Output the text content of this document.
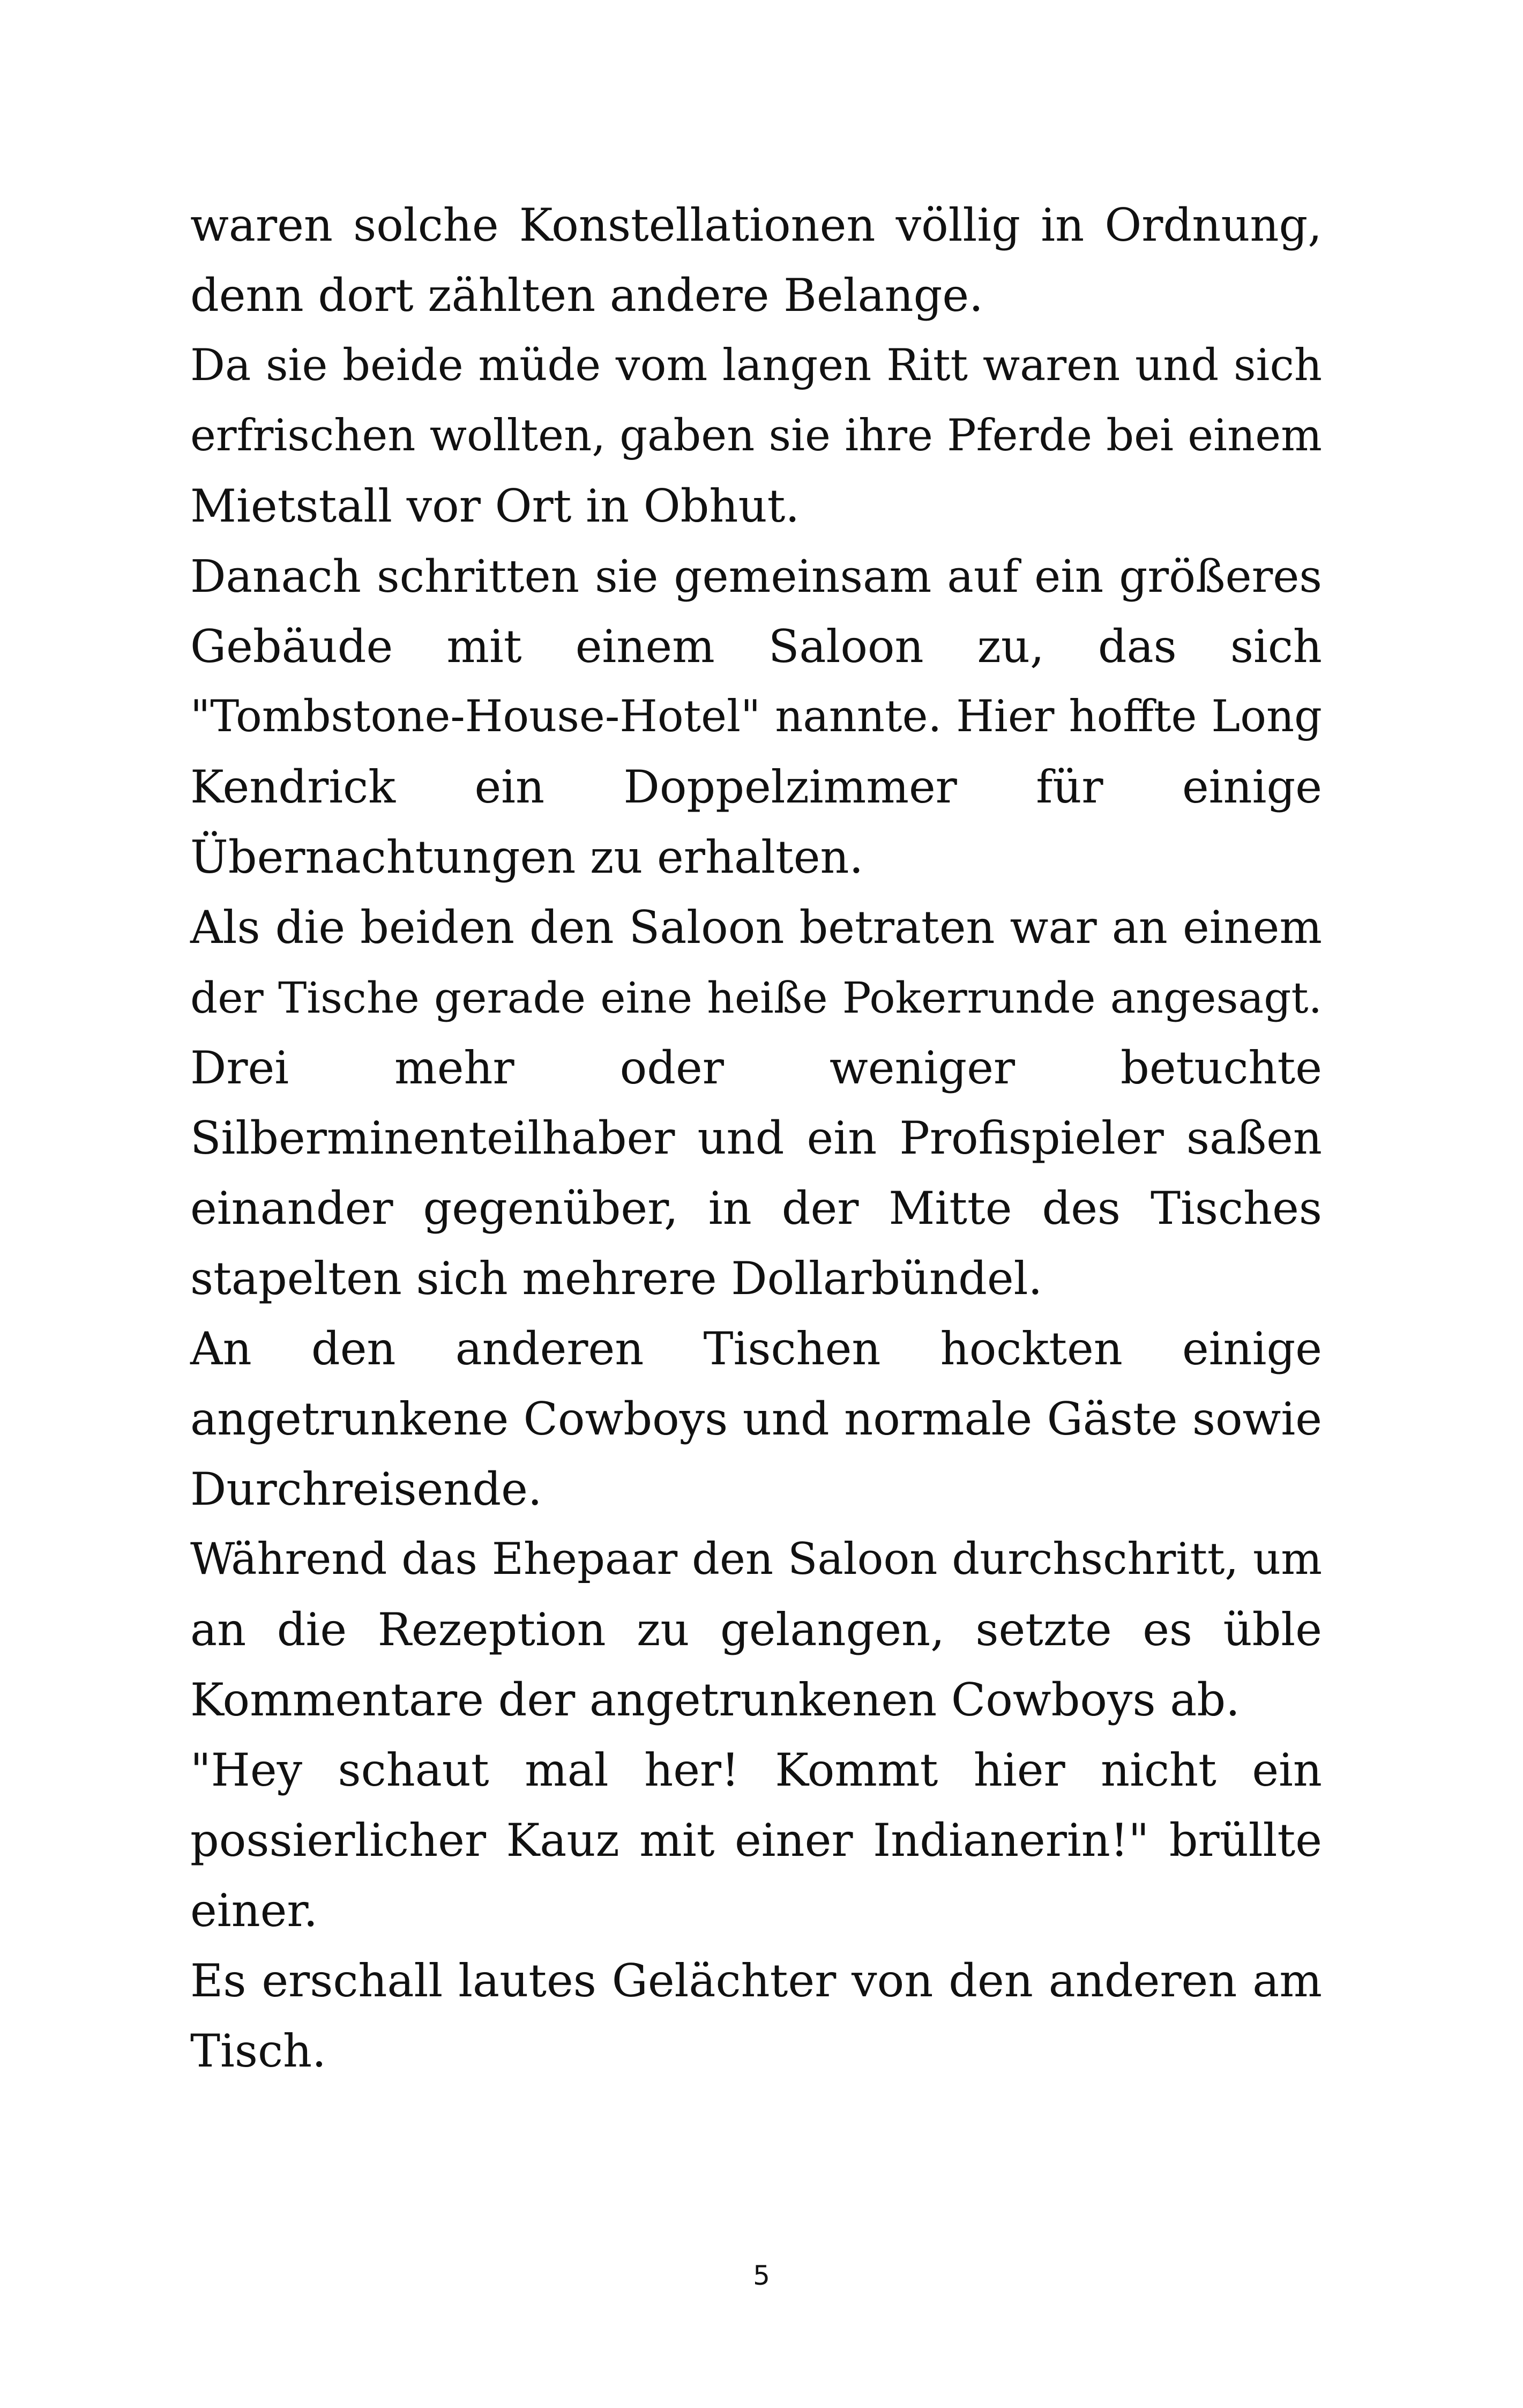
waren solche Konstellationen völlig in Ordnung,
denn dort zählten andere Belange.
Da sie beide müde vom langen Ritt waren und sich
erfrischen wollten, gaben sie ihre Pferde bei einem
Mietstall vor Ort in Obhut.
Danach schritten sie gemeinsam auf ein größeres
Gebäude mit einem Saloon zu, das sich
"Tombstone-House-Hotel" nannte. Hier hoffte Long
Kendrick ein Doppelzimmer für einige
Übernachtungen zu erhalten.
Als die beiden den Saloon betraten war an einem
der Tische gerade eine heiße Pokerrunde angesagt.
Drei mehr oder weniger betuchte
Silberminenteilhaber und ein Profispieler saßen
einander gegenüber, in der Mitte des Tisches
stapelten sich mehrere Dollarbündel.
An den anderen Tischen hockten einige
angetrunkene Cowboys und normale Gäste sowie
Durchreisende.
Während das Ehepaar den Saloon durchschritt, um
an die Rezeption zu gelangen, setzte es üble
Kommentare der angetrunkenen Cowboys ab.
"Hey schaut mal her! Kommt hier nicht ein
possierlicher Kauz mit einer Indianerin!" brüllte
einer.
Es erschall lautes Gelächter von den anderen am
Tisch.
5
